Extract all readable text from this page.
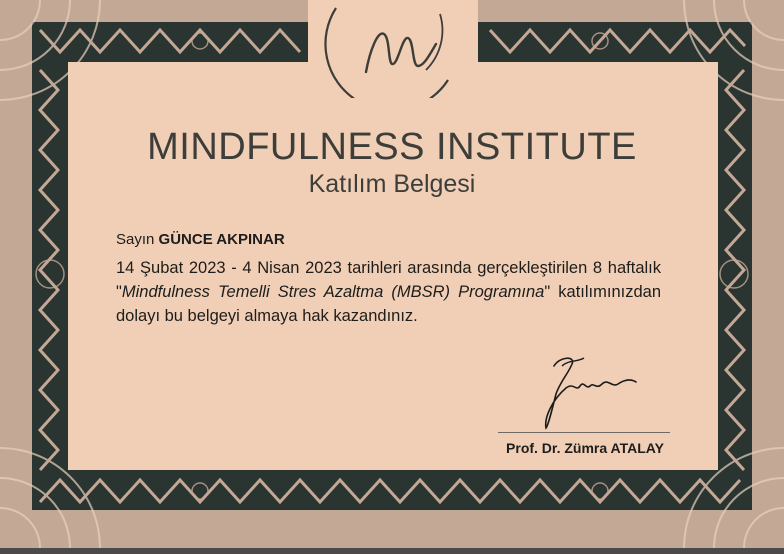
MINDFULNESS INSTITUTE
Katılım Belgesi
Sayın GÜNCE AKPINAR
14 Şubat 2023 - 4 Nisan 2023 tarihleri arasında gerçekleştirilen 8 haftalık "Mindfulness Temelli Stres Azaltma (MBSR) Programına" katılımınızdan dolayı bu belgeyi almaya hak kazandınız.
Prof. Dr. Zümra ATALAY
